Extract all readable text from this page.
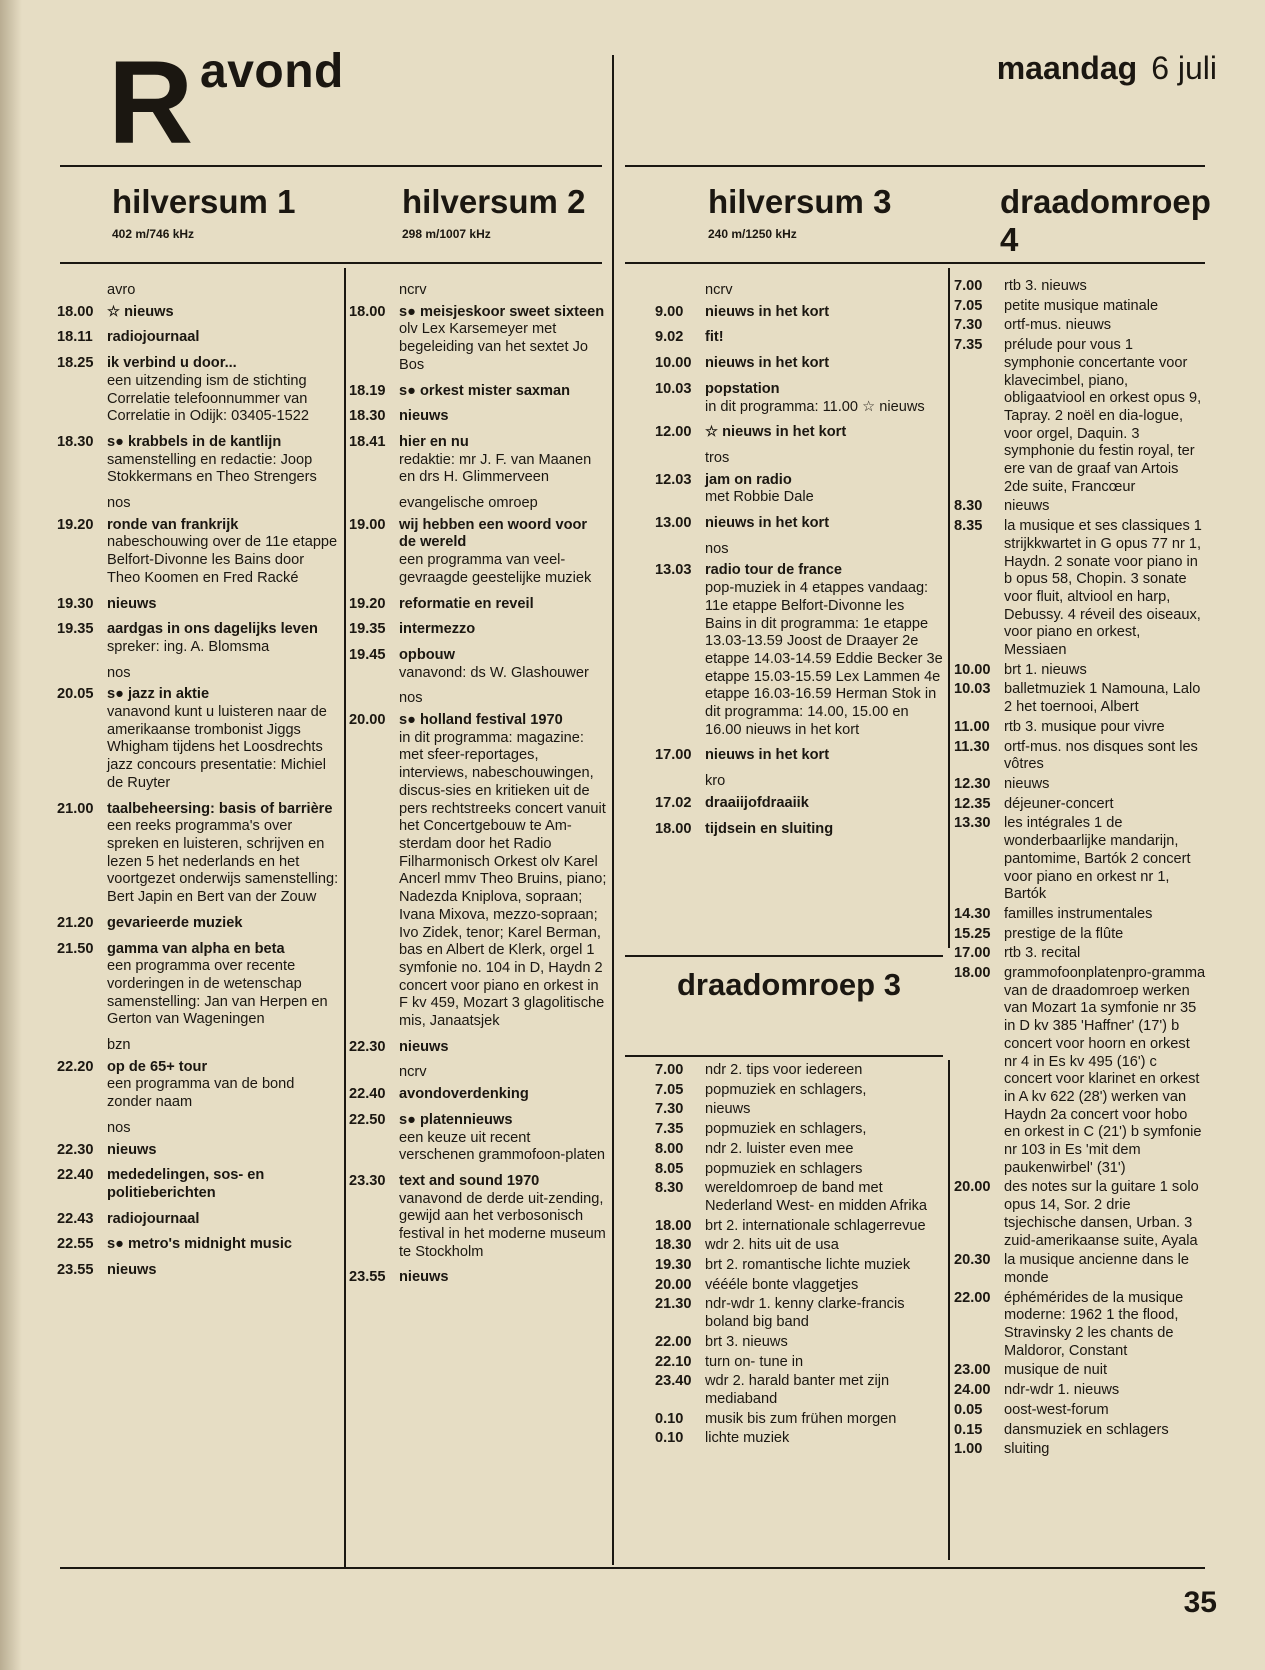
R avond	maandag 6 juli
hilversum 1
402 m/746 kHz
hilversum 2
298 m/1007 kHz
hilversum 3
240 m/1250 kHz
draadomroep 4
draadomroep 3
avro
18.00 ☆ nieuws
18.11 radiojournaal
18.25 ik verbind u door...
een uitzending ism de stichting Correlatie telefoonnummer van Correlatie in Odijk: 03405-1522
18.30 s● krabbels in de kantlijn
samenstelling en redactie: Joop Stokkermans en Theo Strengers
nos
19.20 ronde van frankrijk
nabeschouwing over de 11e etappe Belfort-Divonne les Bains door Theo Koomen en Fred Racké
19.30 nieuws
19.35 aardgas in ons dagelijks leven
spreker: ing. A. Blomsma
nos
20.05 s● jazz in aktie
vanavond kunt u luisteren naar de amerikaanse trombonist Jiggs Whigham tijdens het Loosdrechts jazz concours presentatie: Michiel de Ruyter
21.00 taalbeheersing: basis of barrière
een reeks programma's over spreken en luisteren, schrijven en lezen 5 het nederlands en het voortgezet onderwijs samenstelling: Bert Japin en Bert van der Zouw
21.20 gevarieerde muziek
21.50 gamma van alpha en beta
een programma over recente vorderingen in de wetenschap samenstelling: Jan van Herpen en Gerton van Wageningen
bzn
22.20 op de 65+ tour
een programma van de bond zonder naam
nos
22.30 nieuws
22.40 mededelingen, sos- en politieberichten
22.43 radiojournaal
22.55 s● metro's midnight music
23.55 nieuws
ncrv
18.00 s● meisjeskoor sweet sixteen
olv Lex Karsemeyer met begeleiding van het sextet Jo Bos
18.19 s● orkest mister saxman
18.30 nieuws
18.41 hier en nu
redaktie: mr J. F. van Maanen en drs H. Glimmerveen
evangelische omroep
19.00 wij hebben een woord voor de wereld
een programma van veel-gevraagde geestelijke muziek
19.20 reformatie en reveil
19.35 intermezzo
19.45 opbouw
vanavond: ds W. Glashouwer
nos
20.00 s● holland festival 1970
in dit programma: magazine: met sfeer-reportages, interviews, nabeschouwingen, discus-sies en kritieken uit de pers rechtstreeks concert vanuit het Concertgebouw te Am-sterdam door het Radio Filharmonisch Orkest olv Karel Ancerl mmv Theo Bruins, piano; Nadezda Kniplova, sopraan; Ivana Mixova, mezzo-sopraan; Ivo Zidek, tenor; Karel Berman, bas en Albert de Klerk, orgel 1 symfonie no. 104 in D, Haydn 2 concert voor piano en orkest in F kv 459, Mozart 3 glagolitische mis, Janaatsjek
22.30 nieuws
ncrv
22.40 avondoverdenking
22.50 s● platennieuws
een keuze uit recent verschenen grammofoon-platen
23.30 text and sound 1970
vanavond de derde uit-zending, gewijd aan het verbosonisch festival in het moderne museum te Stockholm
23.55 nieuws
ncrv
9.00	nieuws in het kort
9.02	fit!
10.00 nieuws in het kort
10.03 popstation
in dit programma: 11.00 ☆ nieuws
12.00 ☆ nieuws in het kort
tros
12.03 jam on radio
met Robbie Dale
13.00 nieuws in het kort
nos
13.03 radio tour de france
pop-muziek in 4 etappes vandaag: 11e etappe Belfort-Divonne les Bains in dit programma: 1e etappe 13.03-13.59 Joost de Draayer 2e etappe 14.03-14.59 Eddie Becker 3e etappe 15.03-15.59 Lex Lammen 4e etappe 16.03-16.59 Herman Stok in dit programma: 14.00, 15.00 en 16.00 nieuws in het kort
17.00 nieuws in het kort
kro
17.02 draaiijofdraaiik
18.00 tijdsein en sluiting
7.00	ndr 2. tips voor iedereen
7.05	popmuziek en schlagers,
7.30	nieuws
7.35	popmuziek en schlagers,
8.00	ndr 2. luister even mee
8.05	popmuziek en schlagers
8.30	wereldomroep de band met Nederland West- en midden Afrika
18.00 brt 2. internationale schlagerrevue
18.30 wdr 2. hits uit de usa
19.30 brt 2. romantische lichte muziek
20.00 véééle bonte vlaggetjes
21.30 ndr-wdr 1. kenny clarke-francis boland big band
22.00 brt 3. nieuws
22.10 turn on- tune in
23.40 wdr 2. harald banter met zijn mediaband
0.10	musik bis zum frühen morgen
0.10	lichte muziek
7.00	rtb 3. nieuws
7.05	petite musique matinale
7.30	ortf-mus. nieuws
7.35	prélude pour vous 1 symphonie concertante voor klavecimbel, piano, obligaatviool en orkest opus 9, Tapray. 2 noël en dia-logue, voor orgel, Daquin. 3 symphonie du festin royal, ter ere van de graaf van Artois 2de suite, Francœur
8.30	nieuws
8.35	la musique et ses classiques 1 strijkkwartet in G opus 77 nr 1, Haydn. 2 sonate voor piano in b opus 58, Chopin. 3 sonate voor fluit, altviool en harp, Debussy. 4 réveil des oiseaux, voor piano en orkest, Messiaen
10.00 brt 1. nieuws
10.03 balletmuziek 1 Namouna, Lalo 2 het toernooi, Albert
11.00 rtb 3. musique pour vivre
11.30 ortf-mus. nos disques sont les vôtres
12.30 nieuws
12.35 déjeuner-concert
13.30 les intégrales 1 de wonderbaarlijke mandarijn, pantomime, Bartók 2 concert voor piano en orkest nr 1, Bartók
14.30 familles instrumentales
15.25 prestige de la flûte
17.00 rtb 3. recital
18.00 grammofoonplatenpro-gramma van de draadomroep werken van Mozart 1a symfonie nr 35 in D kv 385 'Haffner' (17') b concert voor hoorn en orkest nr 4 in Es kv 495 (16') c concert voor klarinet en orkest in A kv 622 (28') werken van Haydn 2a concert voor hobo en orkest in C (21') b symfonie nr 103 in Es 'mit dem paukenwirbel' (31')
20.00 des notes sur la guitare 1 solo opus 14, Sor. 2 drie tsjechische dansen, Urban. 3 zuid-amerikaanse suite, Ayala
20.30 la musique ancienne dans le monde
22.00 éphémérides de la musique moderne: 1962 1 the flood, Stravinsky 2 les chants de Maldoror, Constant
23.00 musique de nuit
24.00 ndr-wdr 1. nieuws
0.05	oost-west-forum
0.15	dansmuziek en schlagers
1.00	sluiting
35
